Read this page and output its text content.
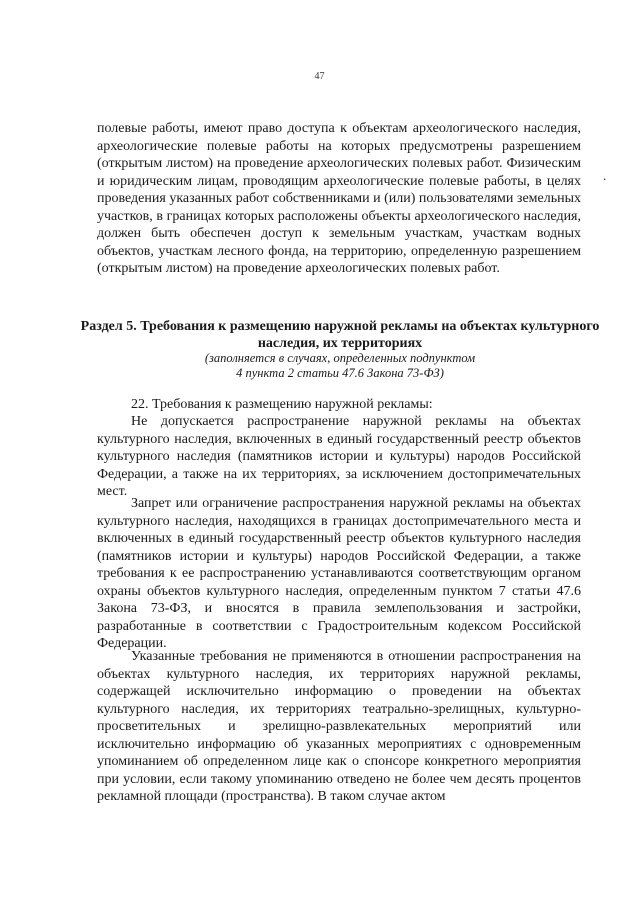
47
.

полевые работы, имеют право доступа к объектам археологического наследия, археологические полевые работы на которых предусмотрены разрешением (открытым листом) на проведение археологических полевых работ. Физическим и юридическим лицам, проводящим археологические полевые работы, в целях проведения указанных работ собственниками и (или) пользователями земельных участков, в границах которых расположены объекты археологического наследия, должен быть обеспечен доступ к земельным участкам, участкам водных объектов, участкам лесного фонда, на территорию, определенную разрешением (открытым листом) на проведение археологических полевых работ.

Раздел 5. Требования к размещению наружной рекламы на объектах культурного наследия, их территориях

(заполняется в случаях, определенных подпунктом
4 пункта 2 статьи 47.6 Закона 73-ФЗ)

22. Требования к размещению наружной рекламы:

Не допускается распространение наружной рекламы на объектах культурного наследия, включенных в единый государственный реестр объектов культурного наследия (памятников истории и культуры) народов Российской Федерации, а также на их территориях, за исключением достопримечательных мест.

Запрет или ограничение распространения наружной рекламы на объектах культурного наследия, находящихся в границах достопримечательного места и включенных в единый государственный реестр объектов культурного наследия (памятников истории и культуры) народов Российской Федерации, а также требования к ее распространению устанавливаются соответствующим органом охраны объектов культурного наследия, определенным пунктом 7 статьи 47.6 Закона 73-ФЗ, и вносятся в правила землепользования и застройки, разработанные в соответствии с Градостроительным кодексом Российской Федерации.

Указанные требования не применяются в отношении распространения на объектах культурного наследия, их территориях наружной рекламы, содержащей исключительно информацию о проведении на объектах культурного наследия, их территориях театрально-зрелищных, культурно-просветительных и зрелищно-развлекательных мероприятий или исключительно информацию об указанных мероприятиях с одновременным упоминанием об определенном лице как о спонсоре конкретного мероприятия при условии, если такому упоминанию отведено не более чем десять процентов рекламной площади (пространства). В таком случае актом
